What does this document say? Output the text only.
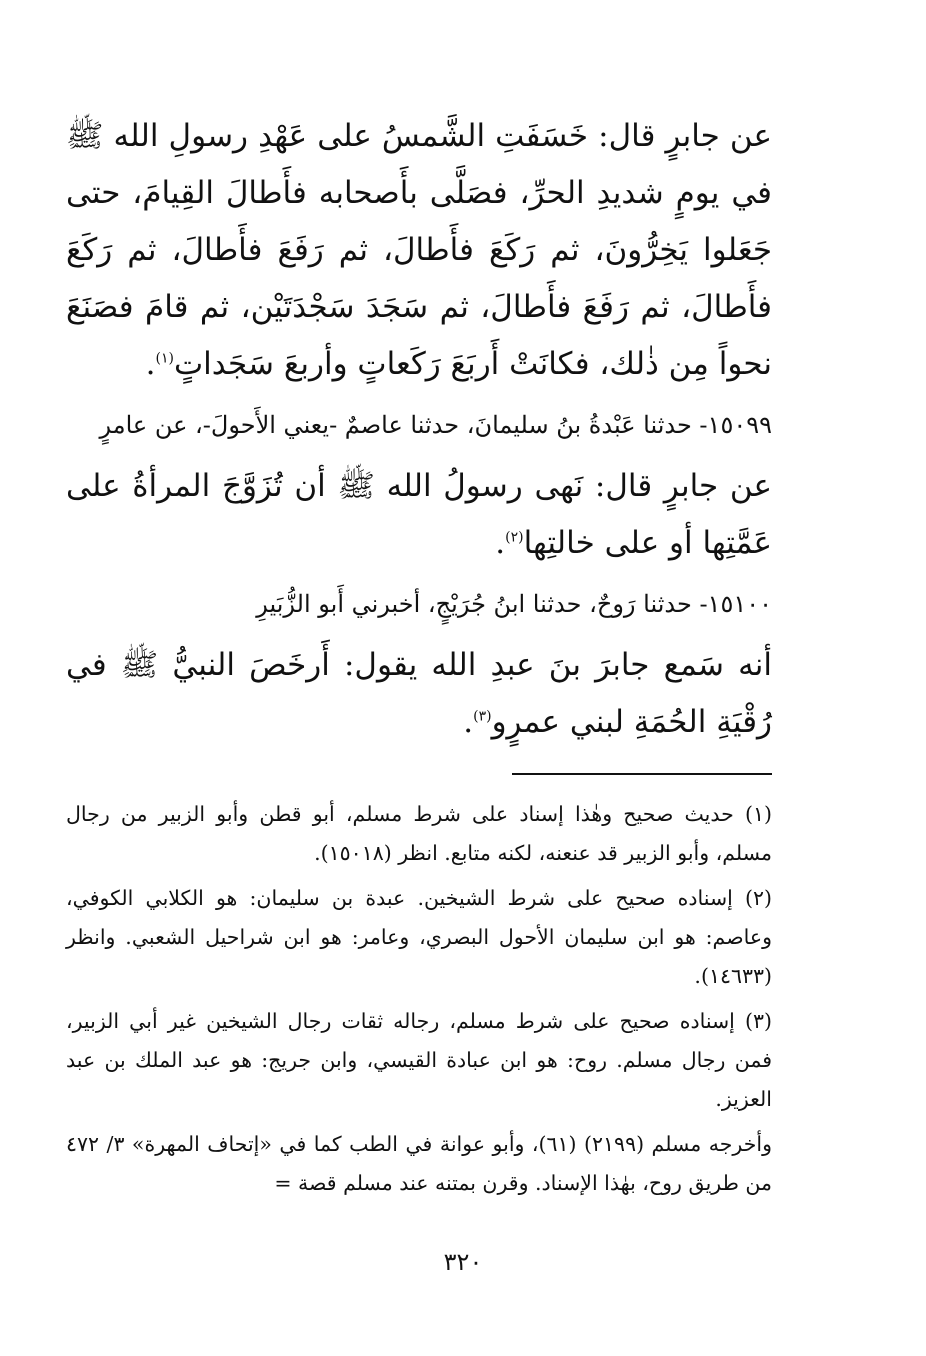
عن جابرٍ قال: خَسَفَتِ الشَّمسُ على عَهْدِ رسولِ الله ﷺ في يومٍ شديدِ الحرِّ، فصَلَّى بأَصحابه فأَطالَ القِيامَ، حتى جَعَلوا يَخِرُّونَ، ثم رَكَعَ فأَطالَ، ثم رَفَعَ فأَطالَ، ثم رَكَعَ فأَطالَ، ثم رَفَعَ فأَطالَ، ثم سَجَدَ سَجْدَتَيْن، ثم قامَ فصَنَعَ نحواً مِن ذٰلك، فكانَتْ أَربَعَ رَكَعاتٍ وأربعَ سَجَداتٍ$^{(١)}$.

١٥٠٩٩- حدثنا عَبْدةُ بنُ سليمانَ، حدثنا عاصمٌ -يعني الأَحولَ-، عن عامرٍ

عن جابرٍ قال: نَهى رسولُ الله ﷺ أن تُزَوَّجَ المرأةُ على عَمَّتِها أو على خالتِها$^{(٢)}$.

١٥١٠٠- حدثنا رَوحٌ، حدثنا ابنُ جُرَيْجٍ، أخبرني أَبو الزُّبَيرِ

أنه سَمع جابرَ بنَ عبدِ الله يقول: أَرخَصَ النبيُّ ﷺ في رُقْيَةِ الحُمَةِ لبني عمرٍو$^{(٣)}$.

(١) حديث صحيح وهٰذا إسناد على شرط مسلم، أبو قطن وأبو الزبير من رجال مسلم، وأبو الزبير قد عنعنه، لكنه متابع. انظر (١٥٠١٨).

(٢) إسناده صحيح على شرط الشيخين. عبدة بن سليمان: هو الكلابي الكوفي، وعاصم: هو ابن سليمان الأحول البصري، وعامر: هو ابن شراحيل الشعبي. وانظر (١٤٦٣٣).

(٣) إسناده صحيح على شرط مسلم، رجاله ثقات رجال الشيخين غير أبي الزبير، فمن رجال مسلم. روح: هو ابن عبادة القيسي، وابن جريج: هو عبد الملك بن عبد العزيز.

وأخرجه مسلم (٢١٩٩) (٦١)، وأبو عوانة في الطب كما في «إتحاف المهرة» ٣/ ٤٧٢ من طريق روح، بهٰذا الإسناد. وقرن بمتنه عند مسلم قصة =

٣٢٠
